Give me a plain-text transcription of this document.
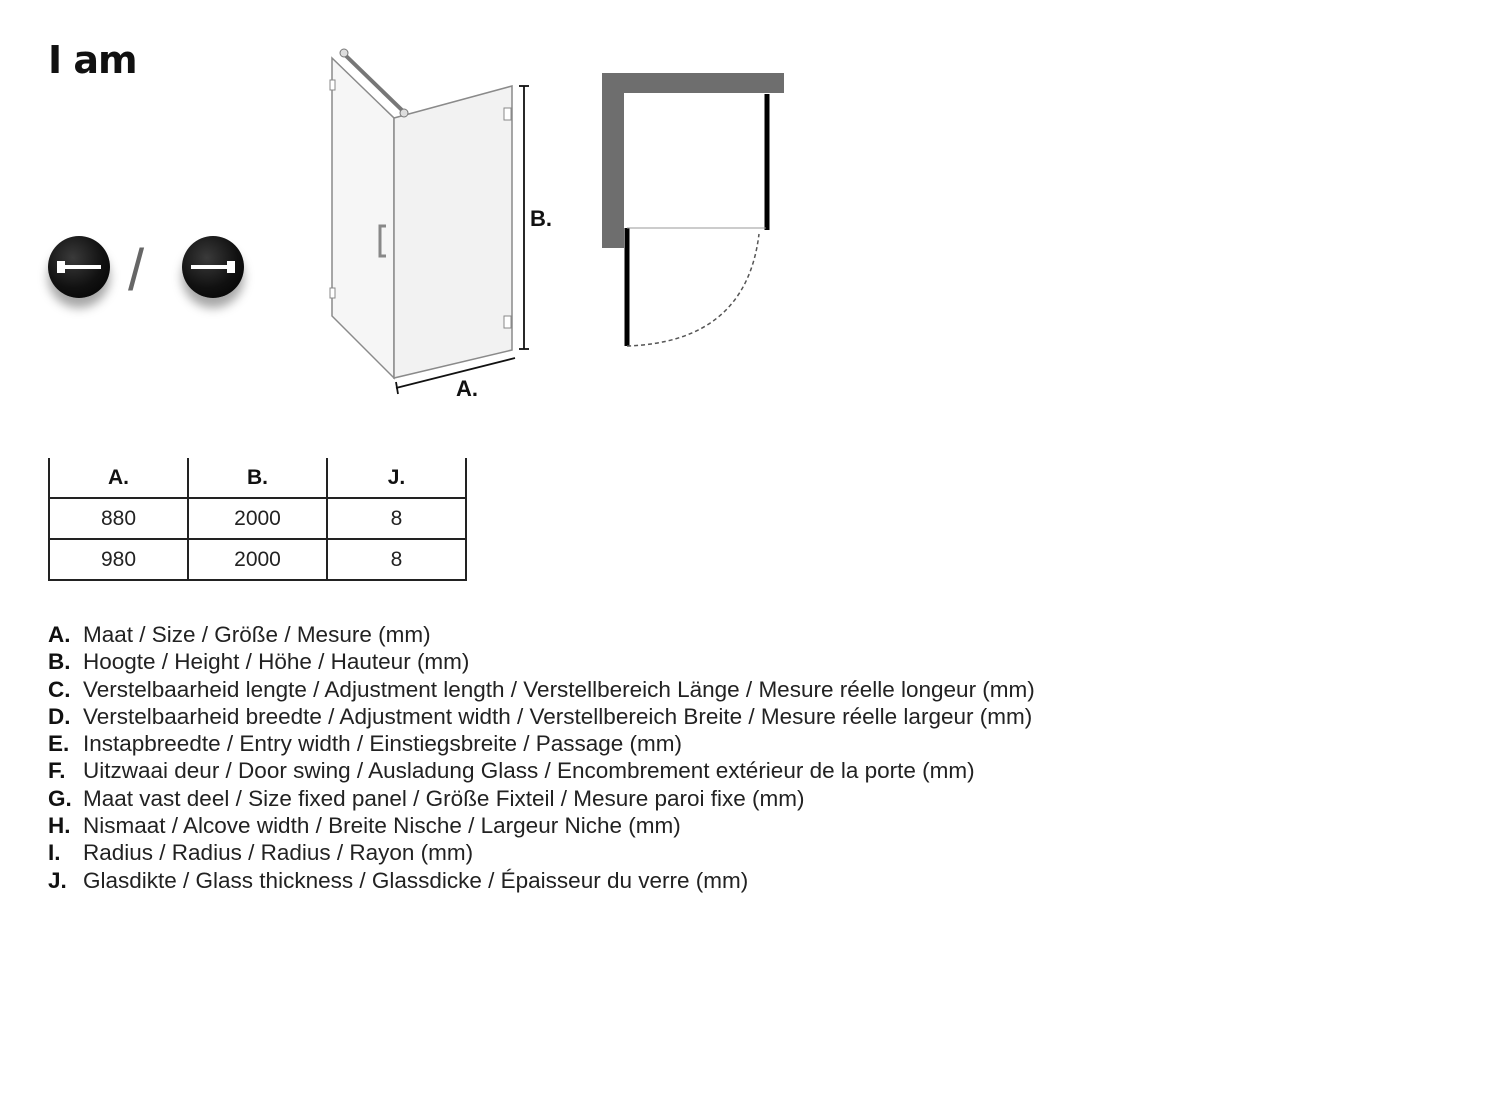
I am
/
B.
A.
A.	B.	J.
880	2000	8
980	2000	8
A. Maat / Size / Größe / Mesure (mm)
B. Hoogte / Height / Höhe / Hauteur (mm)
C. Verstelbaarheid lengte / Adjustment length / Verstellbereich Länge / Mesure réelle longeur (mm)
D. Verstelbaarheid breedte / Adjustment width / Verstellbereich Breite / Mesure réelle largeur (mm)
E. Instapbreedte / Entry width / Einstiegsbreite / Passage (mm)
F. Uitzwaai deur / Door swing / Ausladung Glass / Encombrement extérieur de la porte (mm)
G. Maat vast deel / Size fixed panel / Größe Fixteil / Mesure paroi fixe (mm)
H. Nismaat / Alcove width / Breite Nische / Largeur Niche (mm)
I. Radius / Radius / Radius / Rayon (mm)
J. Glasdikte / Glass thickness / Glassdicke / Épaisseur du verre (mm)
